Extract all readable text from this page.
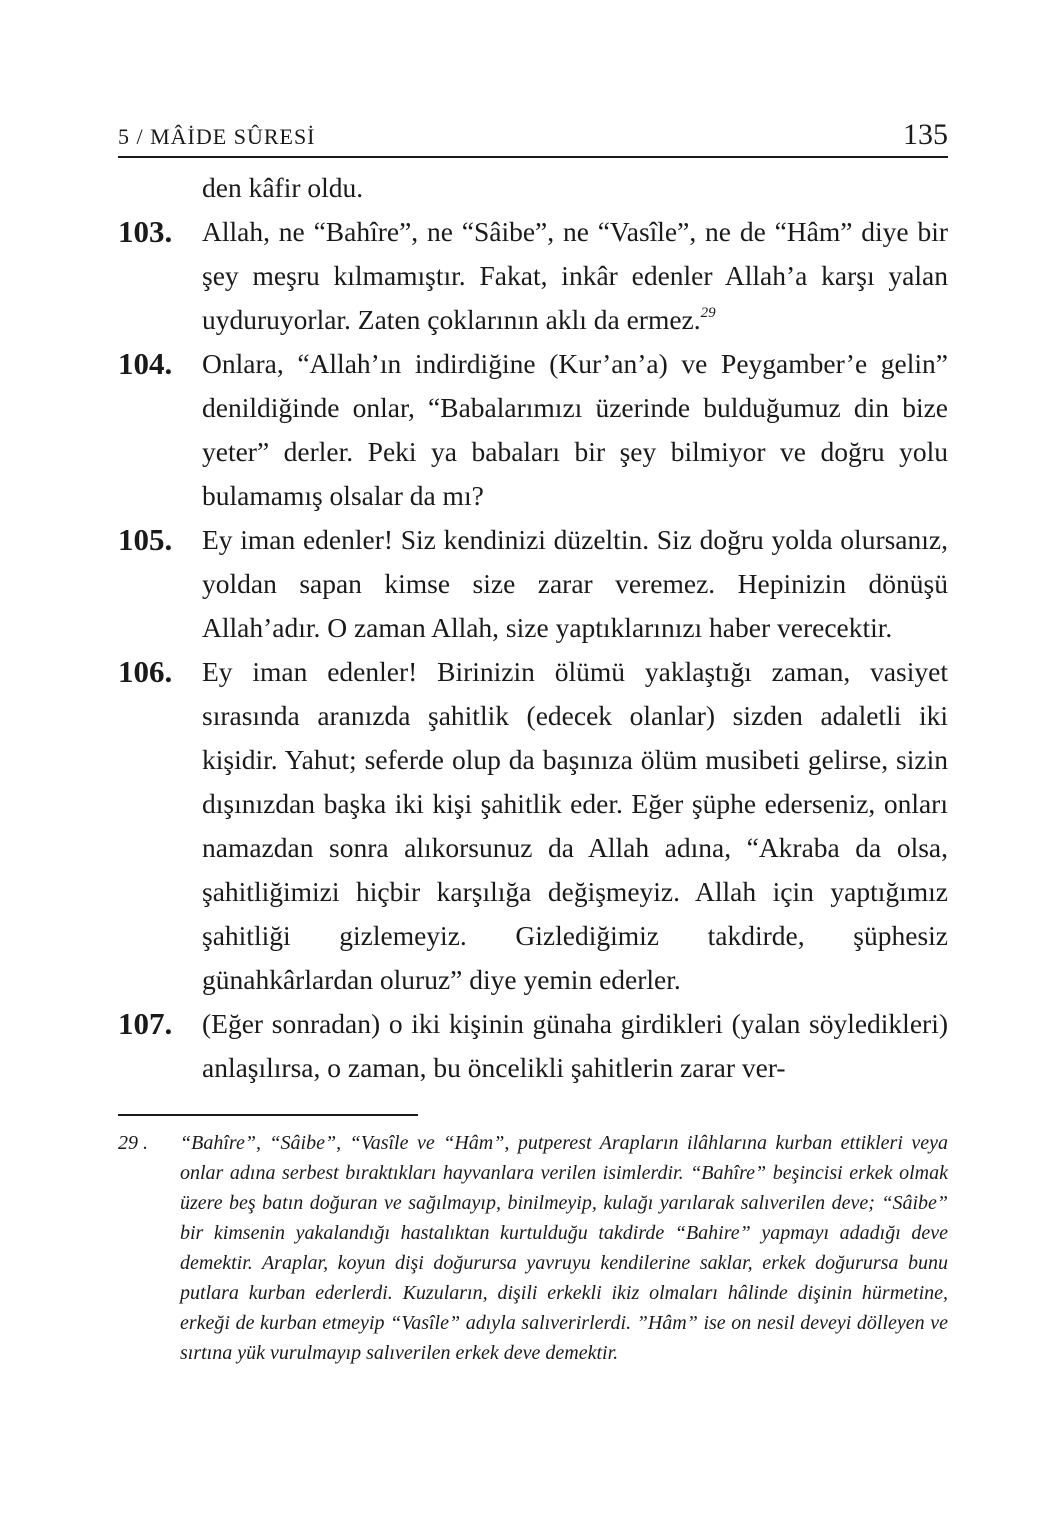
5 / MÂİDE SÛRESİ	135

den kâfir oldu.

103. Allah, ne “Bahîre”, ne “Sâibe”, ne “Vasîle”, ne de “Hâm” diye bir şey meşru kılmamıştır. Fakat, inkâr edenler Allah’a karşı yalan uyduruyorlar. Zaten çoklarının aklı da ermez.$^{29}$

104. Onlara, “Allah’ın indirdiğine (Kur’an’a) ve Peygamber’e gelin” denildiğinde onlar, “Babalarımızı üzerinde bulduğumuz din bize yeter” derler. Peki ya babaları bir şey bilmiyor ve doğru yolu bulamamış olsalar da mı?

105. Ey iman edenler! Siz kendinizi düzeltin. Siz doğru yolda olursanız, yoldan sapan kimse size zarar veremez. Hepinizin dönüşü Allah’adır. O zaman Allah, size yaptıklarınızı haber verecektir.

106. Ey iman edenler! Birinizin ölümü yaklaştığı zaman, vasiyet sırasında aranızda şahitlik (edecek olanlar) sizden adaletli iki kişidir. Yahut; seferde olup da başınıza ölüm musibeti gelirse, sizin dışınızdan başka iki kişi şahitlik eder. Eğer şüphe ederseniz, onları namazdan sonra alıkorsunuz da Allah adına, “Akraba da olsa, şahitliğimizi hiçbir karşılığa değişmeyiz. Allah için yaptığımız şahitliği gizlemeyiz. Gizlediğimiz takdirde, şüphesiz günahkârlardan oluruz” diye yemin ederler.

107. (Eğer sonradan) o iki kişinin günaha girdikleri (yalan söyledikleri) anlaşılırsa, o zaman, bu öncelikli şahitlerin zarar ver-

29 .	“Bahîre”, “Sâibe”, “Vasîle ve “Hâm”, putperest Arapların ilâhlarına kurban ettikleri veya onlar adına serbest bıraktıkları hayvanlara verilen isimlerdir. “Bahîre” beşincisi erkek olmak üzere beş batın doğuran ve sağılmayıp, binilmeyip, kulağı yarılarak salıverilen deve; “Sâibe” bir kimsenin yakalandığı hastalıktan kurtulduğu takdirde “Bahire” yapmayı adadığı deve demektir. Araplar, koyun dişi doğurursa yavruyu kendilerine saklar, erkek doğurursa bunu putlara kurban ederlerdi. Kuzuların, dişili erkekli ikiz olmaları hâlinde dişinin hürmetine, erkeği de kurban etmeyip “Vasîle” adıyla salıverirlerdi. ”Hâm” ise on nesil deveyi dölleyen ve sırtına yük vurulmayıp salıverilen erkek deve demektir.
